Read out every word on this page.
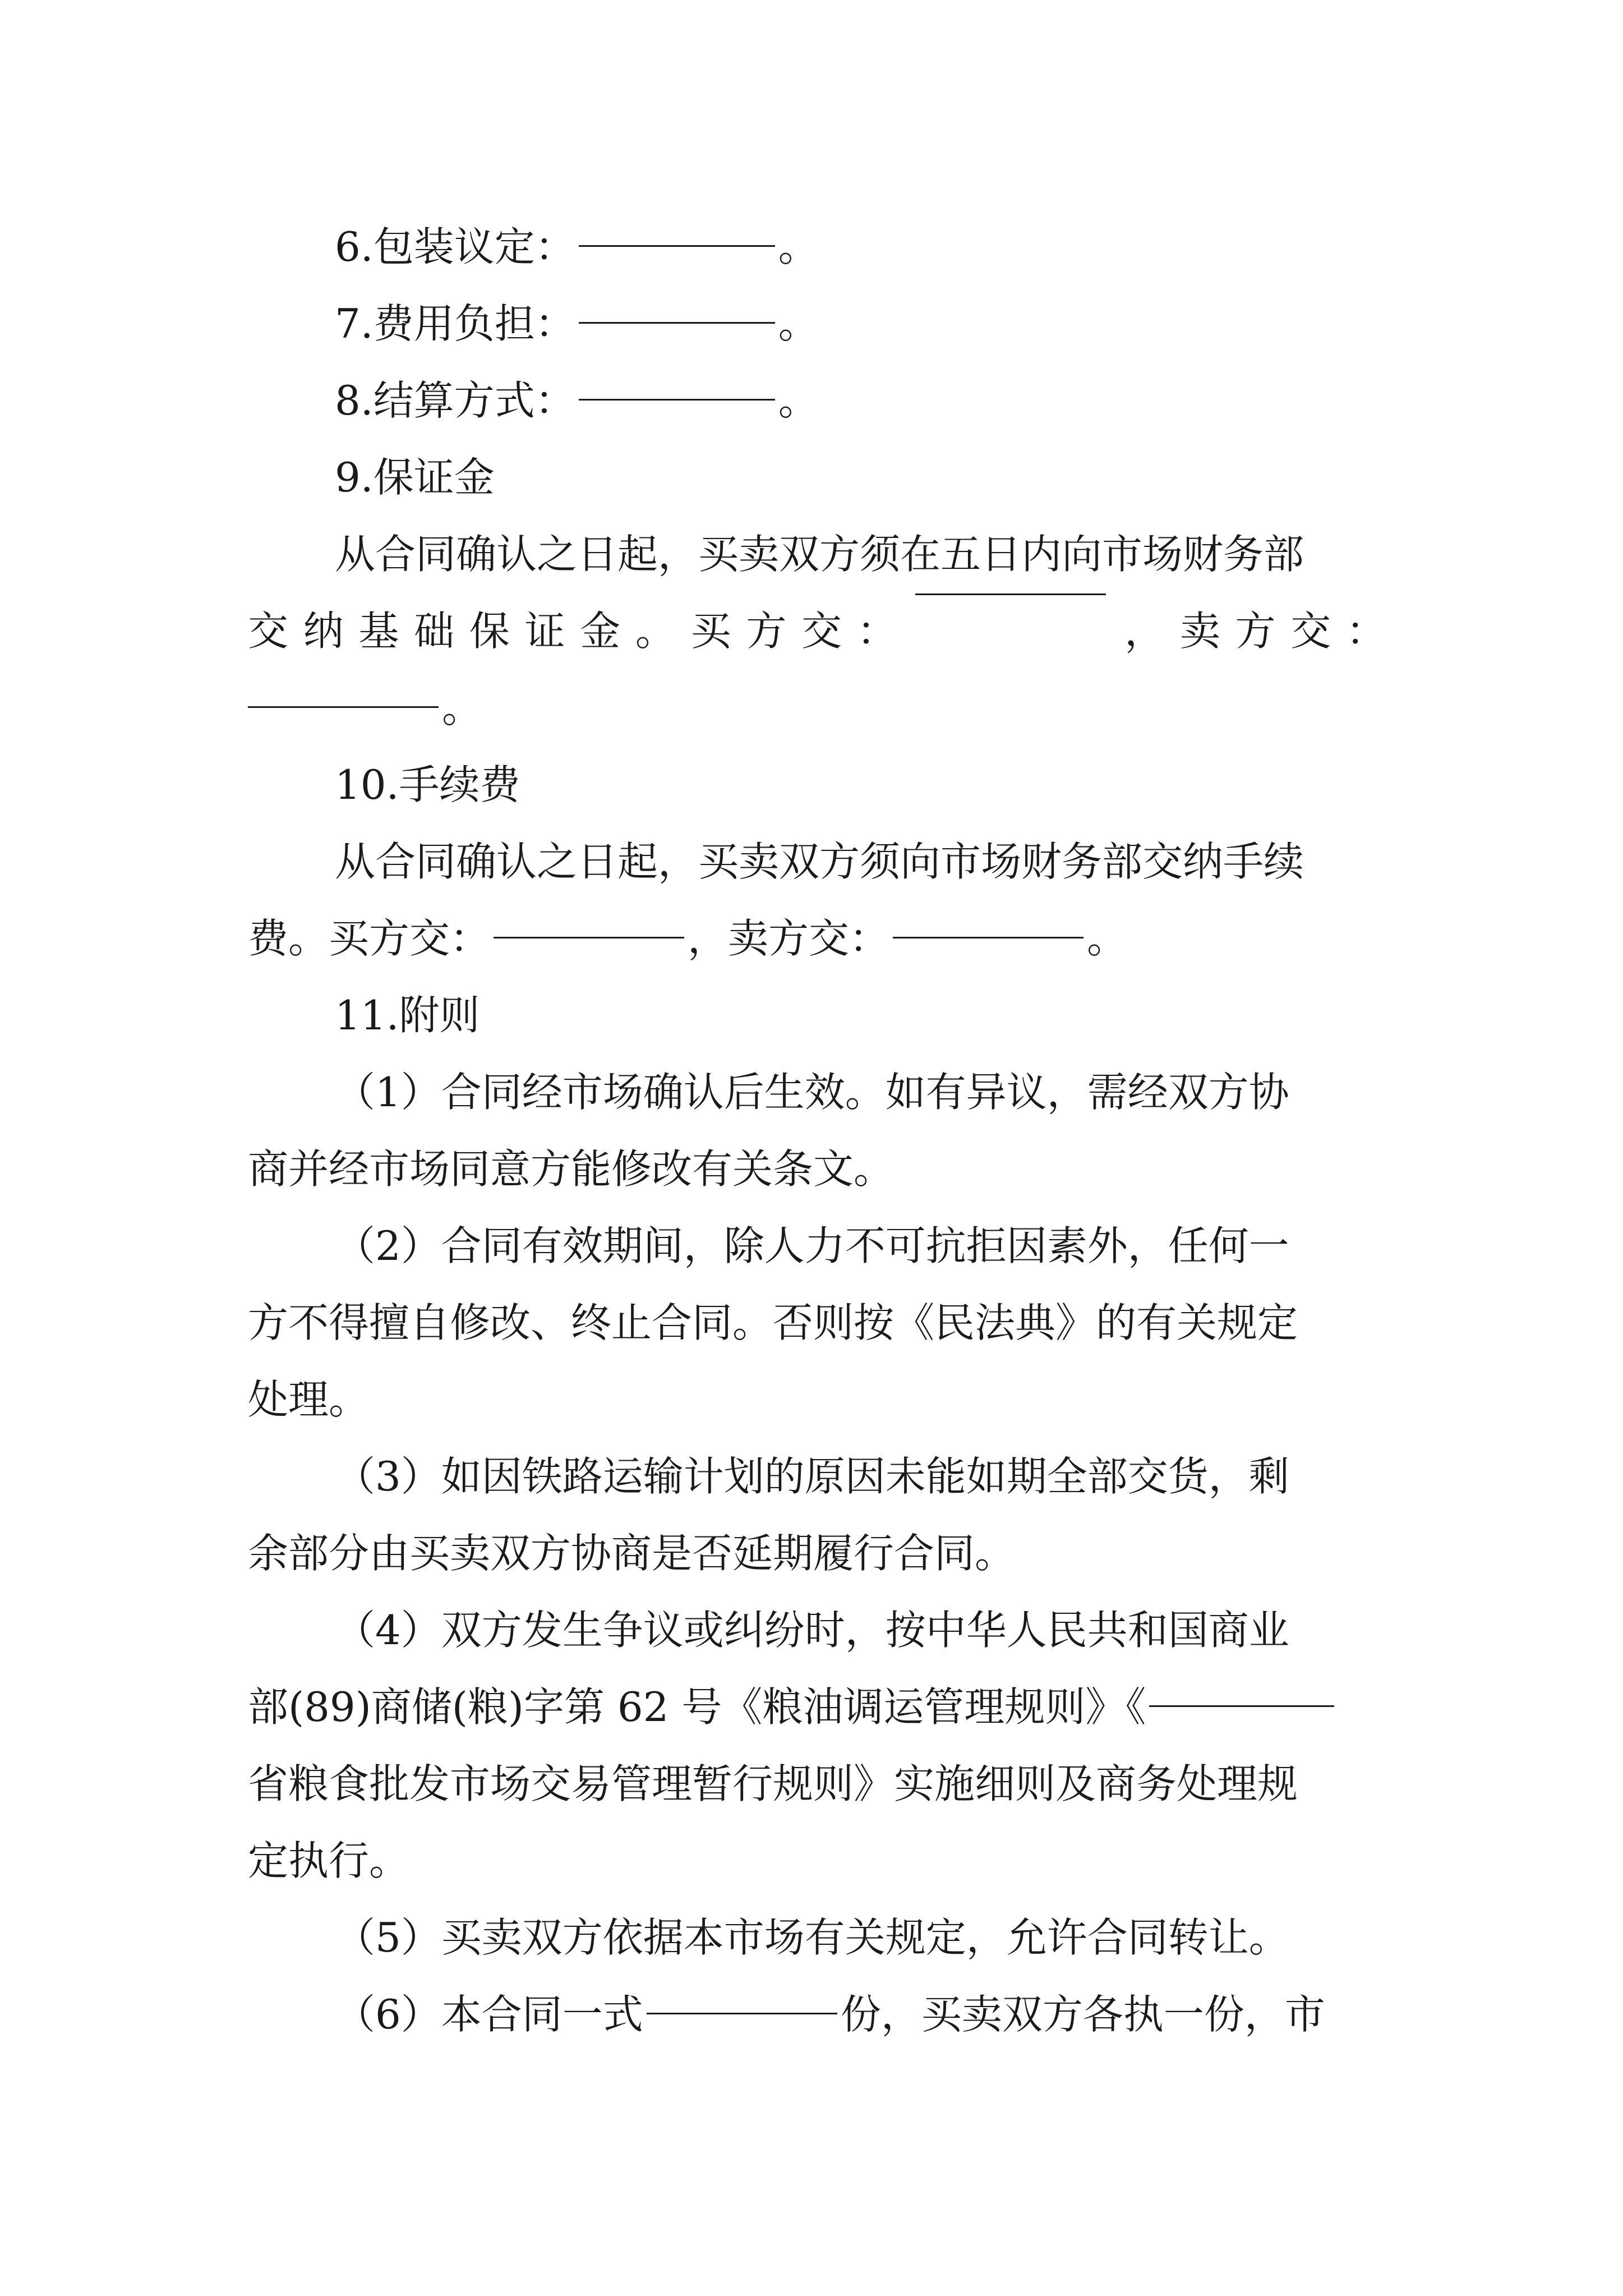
6.包装议定：	。
7.费用负担：	。
8.结算方式：	。
9.保证金
从合同确认之日起，买卖双方须在五日内向市场财务部
交 纳 基 础 保 证 金 。 买 方 交 ：	， 卖 方 交 ：
。
10.手续费
从合同确认之日起，买卖双方须向市场财务部交纳手续
费。买方交：	，卖方交：	。
11.附则
（1）合同经市场确认后生效。如有异议，需经双方协
商并经市场同意方能修改有关条文。
（2）合同有效期间，除人力不可抗拒因素外，任何一
方不得擅自修改、终止合同。否则按《民法典》的有关规定
处理。
（3）如因铁路运输计划的原因未能如期全部交货，剩
余部分由买卖双方协商是否延期履行合同。
（4）双方发生争议或纠纷时，按中华人民共和国商业
部(89)商储(粮)字第 62 号《粮油调运管理规则》《
省粮食批发市场交易管理暂行规则》实施细则及商务处理规
定执行。
（5）买卖双方依据本市场有关规定，允许合同转让。
（6）本合同一式	份，买卖双方各执一份，市
